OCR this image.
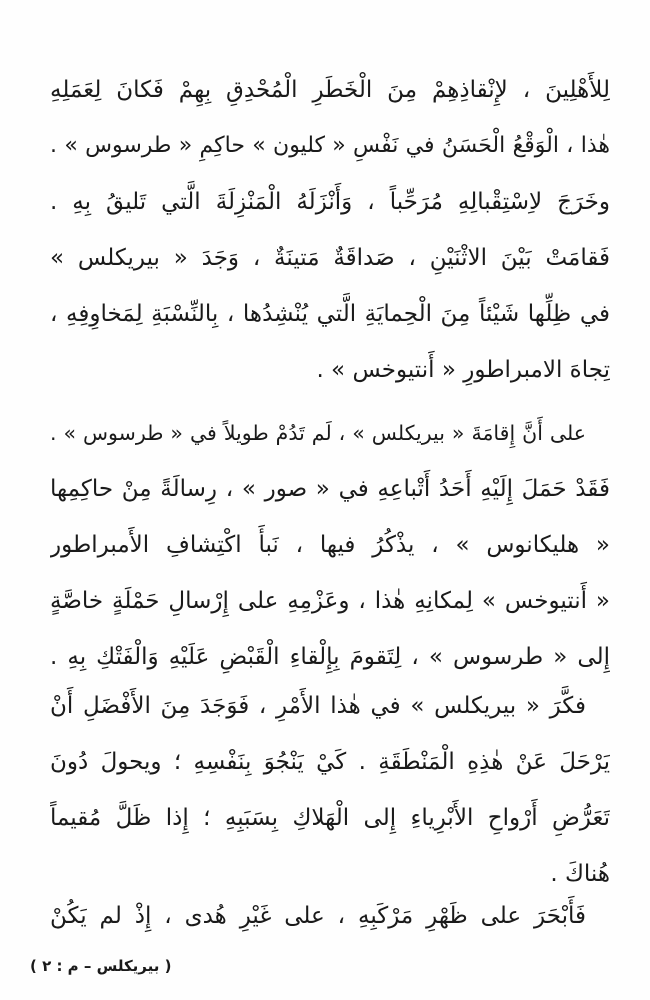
لِلأَهْلِينَ ، لإِنْقاذِهِمْ مِنَ الْخَطَرِ الْمُحْدِقِ بِهِمْ فَكانَ لِعَمَلِهِ
هٰذا ، الْوَقْعُ الْحَسَنُ في نَفْسِ « كليون » حاكِمِ « طرسوس » .
وخَرَجَ لاِسْتِقْبالِهِ مُرَحِّباً ، وَأَنْزَلَهُ الْمَنْزِلَةَ الَّتي تَليقُ بِهِ .
فَقامَتْ بَيْنَ الاثْنَيْنِ ، صَداقَةٌ مَتينَةٌ ، وَجَدَ « بيريكلس »
في ظِلِّها شَيْئاً مِنَ الْحِمايَةِ الَّتي يُنْشِدُها ، بِالنِّسْبَةِ لِمَخاوِفِهِ ،
تِجاهَ الامبراطورِ « أَنتيوخس » .
على أَنَّ إِقامَةَ « بيريكلس » ، لَم تَدُمْ طويلاً في « طرسوس » .
فَقَدْ حَمَلَ إِلَيْهِ أَحَدُ أَتْباعِهِ في « صور » ، رِسالَةً مِنْ حاكِمِها
« هليكانوس » ، يذْكُرُ فيها ، نَبأَ اكْتِشافِ الأَمبراطور
« أَنتيوخس » لِمكانِهِ هٰذا ، وعَزْمِهِ على إِرْسالِ حَمْلَةٍ خاصَّةٍ
إِلى « طرسوس » ، لِتَقومَ بِإِلْقاءِ الْقَبْضِ عَلَيْهِ وَالْفَتْكِ بِهِ .
فكَّرَ « بيريكلس » في هٰذا الأَمْرِ ، فَوَجَدَ مِنَ الأَفْضَلِ أَنْ
يَرْحَلَ عَنْ هٰذِهِ الْمَنْطَقَةِ . كَيْ يَنْجُوَ بِنَفْسِهِ ؛ ويحولَ دُونَ
تَعَرُّضِ أَرْواحِ الأَبْرِياءِ إِلى الْهَلاكِ بِسَبَبِهِ ؛ إِذا ظَلَّ مُقيماً
هُناكَ .
فَأَبْحَرَ على ظَهْرِ مَرْكَبِهِ ، على غَيْرِ هُدى ، إِذْ لم يَكُنْ
( بيريكلس – م : ٢ )
